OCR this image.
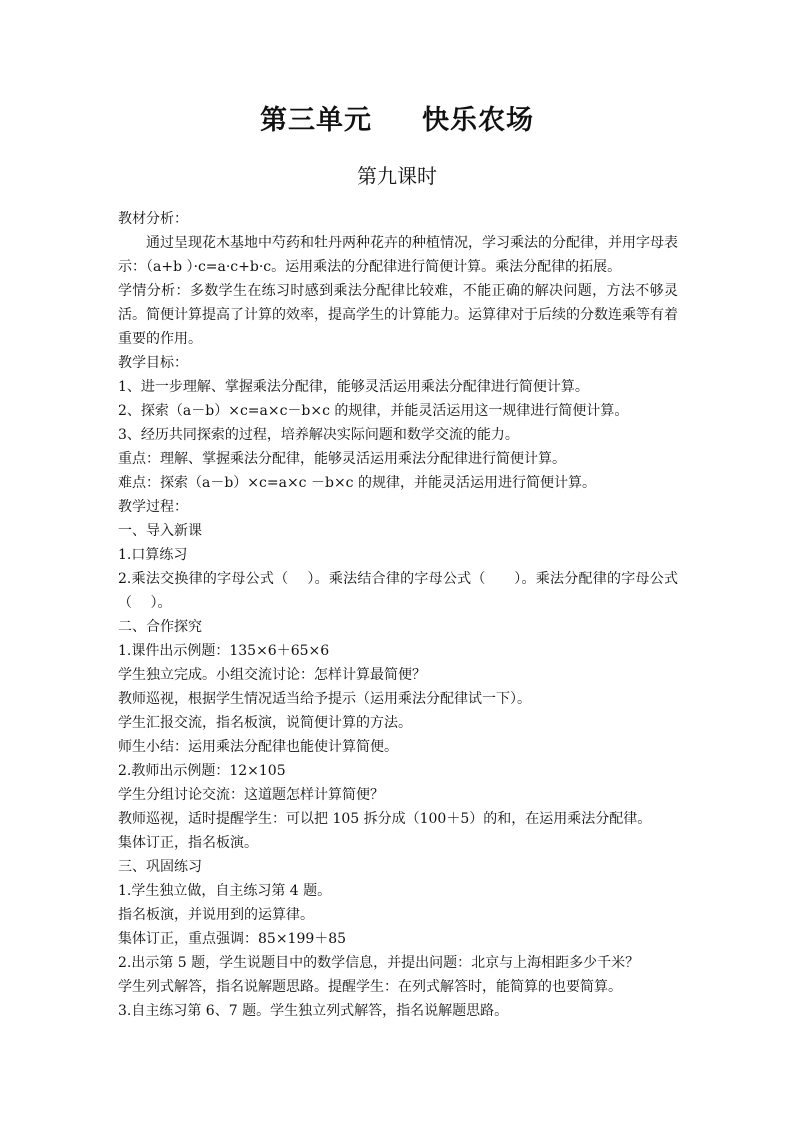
第三单元 快乐农场
第九课时

教材分析：

通过呈现花木基地中芍药和牡丹两种花卉的种植情况，学习乘法的分配律，并用字母表示：（a+b ）·c=a·c+b·c。运用乘法的分配律进行简便计算。乘法分配律的拓展。

学情分析：多数学生在练习时感到乘法分配律比较难，不能正确的解决问题，方法不够灵活。简便计算提高了计算的效率，提高学生的计算能力。运算律对于后续的分数连乘等有着重要的作用。

教学目标：

1、进一步理解、掌握乘法分配律，能够灵活运用乘法分配律进行简便计算。

2、探索（a－b）×c=a×c－b×c 的规律，并能灵活运用这一规律进行简便计算。

3、经历共同探索的过程，培养解决实际问题和数学交流的能力。

重点：理解、掌握乘法分配律，能够灵活运用乘法分配律进行简便计算。

难点：探索（a－b）×c=a×c －b×c 的规律，并能灵活运用进行简便计算。

教学过程：

一、导入新课

1.口算练习

2.乘法交换律的字母公式（　 ）。乘法结合律的字母公式（　　）。乘法分配律的字母公式（　 ）。

二、合作探究

1.课件出示例题：135×6＋65×6

学生独立完成。小组交流讨论：怎样计算最简便？

教师巡视，根据学生情况适当给予提示（运用乘法分配律试一下）。

学生汇报交流，指名板演，说简便计算的方法。

师生小结：运用乘法分配律也能使计算简便。

2.教师出示例题：12×105

学生分组讨论交流：这道题怎样计算简便？

教师巡视，适时提醒学生：可以把 105 拆分成（100＋5）的和，在运用乘法分配律。

集体订正，指名板演。

三、巩固练习

1.学生独立做，自主练习第 4 题。

指名板演，并说用到的运算律。

集体订正，重点强调：85×199＋85

2.出示第 5 题，学生说题目中的数学信息，并提出问题：北京与上海相距多少千米？

学生列式解答，指名说解题思路。提醒学生：在列式解答时，能简算的也要简算。

3.自主练习第 6、7 题。学生独立列式解答，指名说解题思路。
